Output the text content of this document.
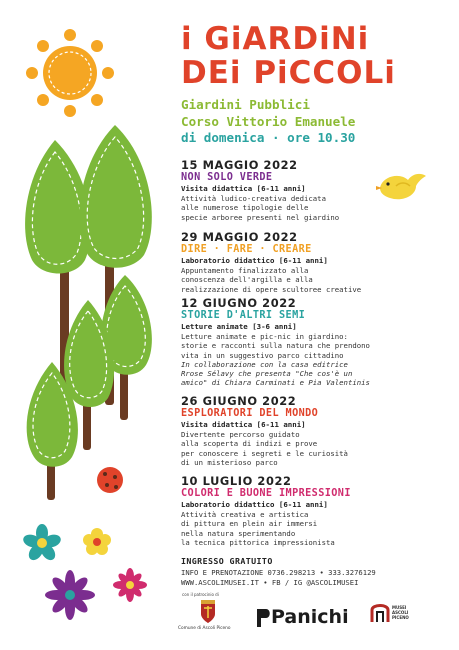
i GiARDiNi
DEi PiCCOLi
Giardini Pubblici
Corso Vittorio Emanuele
di domenica · ore 10.30
15 MAGGIO 2022
NON SOLO VERDE
Visita didattica [6-11 anni]
Attività ludico-creativa dedicata
alle numerose tipologie delle
specie arboree presenti nel giardino
29 MAGGIO 2022
DIRE · FARE · CREARE
Laboratorio didattico [6-11 anni]
Appuntamento finalizzato alla
conoscenza dell'argilla e alla
realizzazione di opere scultoree creative
12 GIUGNO 2022
STORIE D'ALTRI SEMI
Letture animate [3-6 anni]
Letture animate e pic-nic in giardino:
storie e racconti sulla natura che prendono
vita in un suggestivo parco cittadino
In collaborazione con la casa editrice
Rrose Sélavy che presenta "Che cos'è un
amico" di Chiara Carminati e Pia Valentinis
26 GIUGNO 2022
ESPLORATORI DEL MONDO
Visita didattica [6-11 anni]
Divertente percorso guidato
alla scoperta di indizi e prove
per conoscere i segreti e le curiosità
di un misterioso parco
10 LUGLIO 2022
COLORI E BUONE IMPRESSIONI
Laboratorio didattico [6-11 anni]
Attività creativa e artistica
di pittura en plein air immersi
nella natura sperimentando
la tecnica pittorica impressionista
INGRESSO GRATUITO
INFO E PRENOTAZIONE 0736.298213 • 333.3276129
WWW.ASCOLIMUSEI.IT • FB / IG @ASCOLIMUSEI
con il patrocinio di
Comune di Ascoli Piceno
Panichi	MUSEI
ASCOLI
PICENO
